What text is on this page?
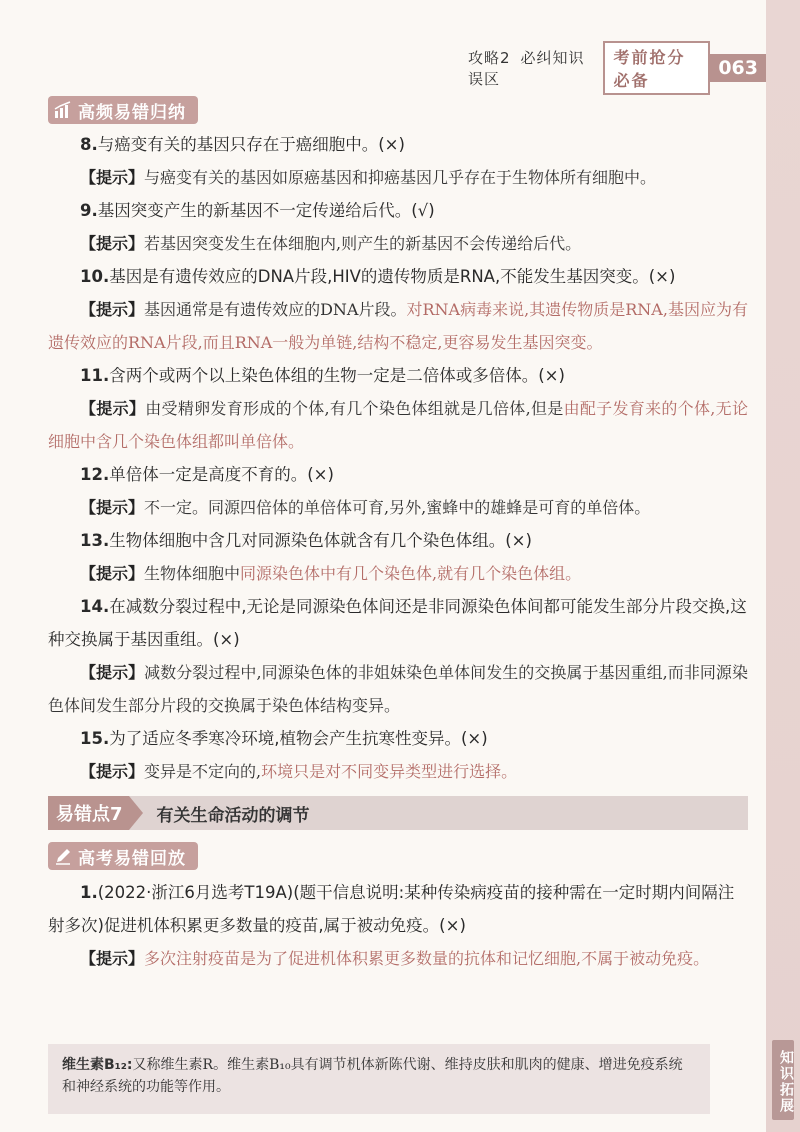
知识拓展
攻略2 必纠知识误区
考前抢分必备
063
高频易错归纳

8.与癌变有关的基因只存在于癌细胞中。(×)

【提示】与癌变有关的基因如原癌基因和抑癌基因几乎存在于生物体所有细胞中。

9.基因突变产生的新基因不一定传递给后代。(√)

【提示】若基因突变发生在体细胞内,则产生的新基因不会传递给后代。

10.基因是有遗传效应的DNA片段,HIV的遗传物质是RNA,不能发生基因突变。(×)

【提示】基因通常是有遗传效应的DNA片段。对RNA病毒来说,其遗传物质是RNA,基因应为有遗传效应的RNA片段,而且RNA一般为单链,结构不稳定,更容易发生基因突变。

11.含两个或两个以上染色体组的生物一定是二倍体或多倍体。(×)

【提示】由受精卵发育形成的个体,有几个染色体组就是几倍体,但是由配子发育来的个体,无论细胞中含几个染色体组都叫单倍体。

12.单倍体一定是高度不育的。(×)

【提示】不一定。同源四倍体的单倍体可育,另外,蜜蜂中的雄蜂是可育的单倍体。

13.生物体细胞中含几对同源染色体就含有几个染色体组。(×)

【提示】生物体细胞中同源染色体中有几个染色体,就有几个染色体组。

14.在减数分裂过程中,无论是同源染色体间还是非同源染色体间都可能发生部分片段交换,这种交换属于基因重组。(×)

【提示】减数分裂过程中,同源染色体的非姐妹染色单体间发生的交换属于基因重组,而非同源染色体间发生部分片段的交换属于染色体结构变异。

15.为了适应冬季寒冷环境,植物会产生抗寒性变异。(×)

【提示】变异是不定向的,环境只是对不同变异类型进行选择。

易错点7	有关生命活动的调节
高考易错回放

1.(2022·浙江6月选考T19A)(题干信息说明:某种传染病疫苗的接种需在一定时期内间隔注射多次)促进机体积累更多数量的疫苗,属于被动免疫。(×)

【提示】多次注射疫苗是为了促进机体积累更多数量的抗体和记忆细胞,不属于被动免疫。

维生素B₁₂:又称维生素R。维生素B₁₀具有调节机体新陈代谢、维持皮肤和肌肉的健康、增进免疫系统和神经系统的功能等作用。
